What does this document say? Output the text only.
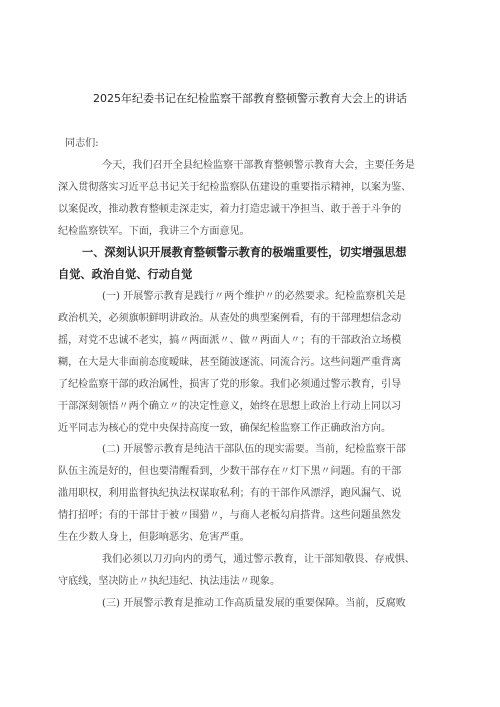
2025年纪委书记在纪检监察干部教育整顿警示教育大会上的讲话
同志们:
今天，我们召开全县纪检监察干部教育整顿警示教育大会，主要任务是
深入贯彻落实习近平总书记关于纪检监察队伍建设的重要指示精神，以案为鉴、
以案促改，推动教育整顿走深走实，着力打造忠诚干净担当、敢于善于斗争的
纪检监察铁军。下面，我讲三个方面意见。
一、深刻认识开展教育整顿警示教育的极端重要性，切实增强思想
自觉、政治自觉、行动自觉
(一) 开展警示教育是践行〃两个维护〃的必然要求。纪检监察机关是
政治机关，必须旗帜鲜明讲政治。从查处的典型案例看，有的干部理想信念动
摇，对党不忠诚不老实，搞〃两面派〃、做〃两面人〃；有的干部政治立场模
糊，在大是大非面前态度暧昧，甚至随波逐流、同流合污。这些问题严重背离
了纪检监察干部的政治属性，损害了党的形象。我们必须通过警示教育，引导
干部深刻领悟〃两个确立〃的决定性意义，始终在思想上政治上行动上同以习
近平同志为核心的党中央保持高度一致，确保纪检监察工作正确政治方向。
(二) 开展警示教育是纯洁干部队伍的现实需要。当前，纪检监察干部
队伍主流是好的，但也要清醒看到，少数干部存在〃灯下黑〃问题。有的干部
滥用职权，利用监督执纪执法权谋取私利；有的干部作风漂浮，跑风漏气、说
情打招呼；有的干部甘于被〃围猎〃，与商人老板勾肩搭背。这些问题虽然发
生在少数人身上，但影响恶劣、危害严重。
我们必须以刀刃向内的勇气，通过警示教育，让干部知敬畏、存戒惧、
守底线，坚决防止〃执纪违纪、执法违法〃现象。
(三) 开展警示教育是推动工作高质量发展的重要保障。当前，反腐败
